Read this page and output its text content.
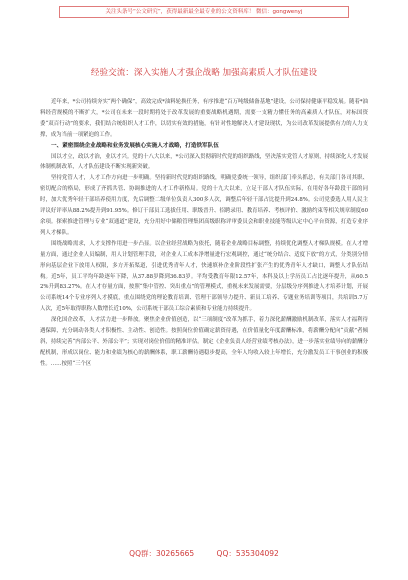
关注头条号“公文研究”，获得最新最全最专业的公文资料库！ 微信：gongwenyj
经验交流：深入实施人才强企战略 加强高素质人才队伍建设

近年来，*公司持续夯实“两个确保”，高效完成*油料轮换任务，有序推进“百万吨级储备基地”建设，公司保持健康平稳发展。随着*油料经营规模的不断扩大，*公司在未来一段时期将处于改革发展的重要战略机遇期，需要一支精力懂任务的高素质人才队伍，对标国资委“双百行动”的要求，我们结合统组织人才工作，以切实有效的措施，有针对性地解决人才建设现状，为公司改革发展提供有力的人力支撑，成为当前一项紧迫的工作。

一、紧密围绕企业战略和业务发展核心实施人才战略，打造铁军队伍

国以才立，政以才治，业以才兴。党的十八大以来，*公司深入贯彻新时代党的组织路线，坚决落实党管人才原则，持续深化人才发展体制机制改革，人才队伍建设不断实现新突破。

坚持党管人才，人才工作方向进一步明确。坚持新时代党的组织路线，明确党委统一领导，组织部门牵头抓总，有关部门各司其职、密切配合的格局，形成了齐抓共管、协调推进的人才工作新格局。党的十九大以来，立足干部人才队伍实际，在用好各年龄段干部的同时，加大优秀年轻干部培养使用力度，先后调整二级单位负责人300多人次，调整后年轻干部占比提升到24.8%。公司党委选人用人民主评议好评率从88.2%提升到91.95%。修订干部员工选拔任用、职级晋升、招聘录用、教育培养、考核评价、激励约束等相关规章制度60余项。探索推进管理与专业“双通道”建设，充分用好中储粮管理集团高级职称评审委员会和职业技能等级认定中心平台资源，打造专业序列人才梯队。

围绕战略需求，人才支撑作用进一步凸显。以企业经营战略为依托，随着企业战略目标调整，持续优化调整人才梯队规模。在人才增量方面，通过企业人员编制，用人计划管理手段，对企业人工成本净增量进行宏观调控，通过“统分结合、适度下放”的方式，分类别分情形向基层企业下放用人权限，多方开拓渠道，引进优秀青年人才，快速填补企业阶段性扩张产生的优秀青年人才缺口，调整人才队伍结构。近5年，员工平均年龄逐年下降，从37.88岁降到36.83岁。平均受教育年限12.57年，本科及以上学历员工占比逐年提升，从60.52%升到83.27%。在人才存量方面，按照“集中管控、突出重点”的管理模式，重视未来发展需要，分层级分序列推进人才培养计划，开展公司系统14个专业序列人才摸底，重点围绕党的理论教育培训、管理干部领导力提升、新员工培养、专题业务培训等项目，共培训5.7万人次，近5年取得职称人数增长近10%，公司系统干部员工综合素质和专业能力持续提升。

深化国企改革，人才活力进一步释放。聚焦企业价值创造，以“三项制度”改革为抓手，着力深化薪酬激励机制改革，落实人才福利待遇保障，充分调动各类人才积极性、主动性、创造性。按照岗位价值确定薪资待遇，在价值量化年度薪酬标准，将薪酬分配向“贡献”者倾斜，持续完善“内部公平、外部公平”；实现对岗位价值的精准评估。制定《企业负责人经营业绩考核办法》，进一步落实业绩导向的薪酬分配机制，形成以岗位、能力和业绩为核心的薪酬体系，职工薪酬待遇稳步提高，全年人均收入较上年增长，充分激发员工干事创业的积极性。……按照“三个区

QQ群：30265665	QQ：535304092
